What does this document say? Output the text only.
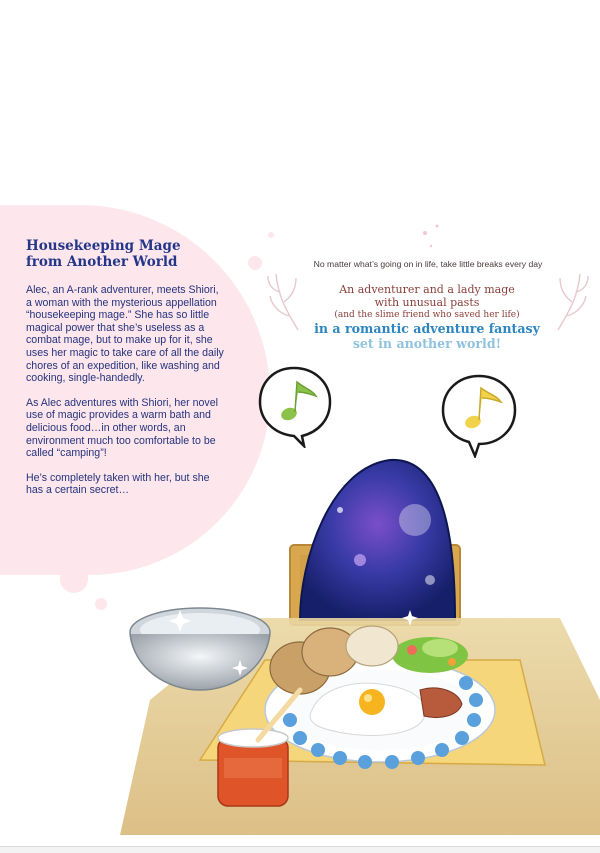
Housekeeping Mage
from Another World

Alec, an A-rank adventurer, meets Shiori, a woman with the mysterious appellation “housekeeping mage.” She has so little magical power that she’s useless as a combat mage, but to make up for it, she uses her magic to take care of all the daily chores of an expedition, like washing and cooking, single-handedly.

As Alec adventures with Shiori, her novel use of magic provides a warm bath and delicious food…in other words, an environment much too comfortable to be called “camping”!

He’s completely taken with her, but she has a certain secret…

No matter what’s going on in life, take little breaks every day
An adventurer and a lady mage
with unusual pasts
(and the slime friend who saved her life)
in a romantic adventure fantasy
set in another world!
